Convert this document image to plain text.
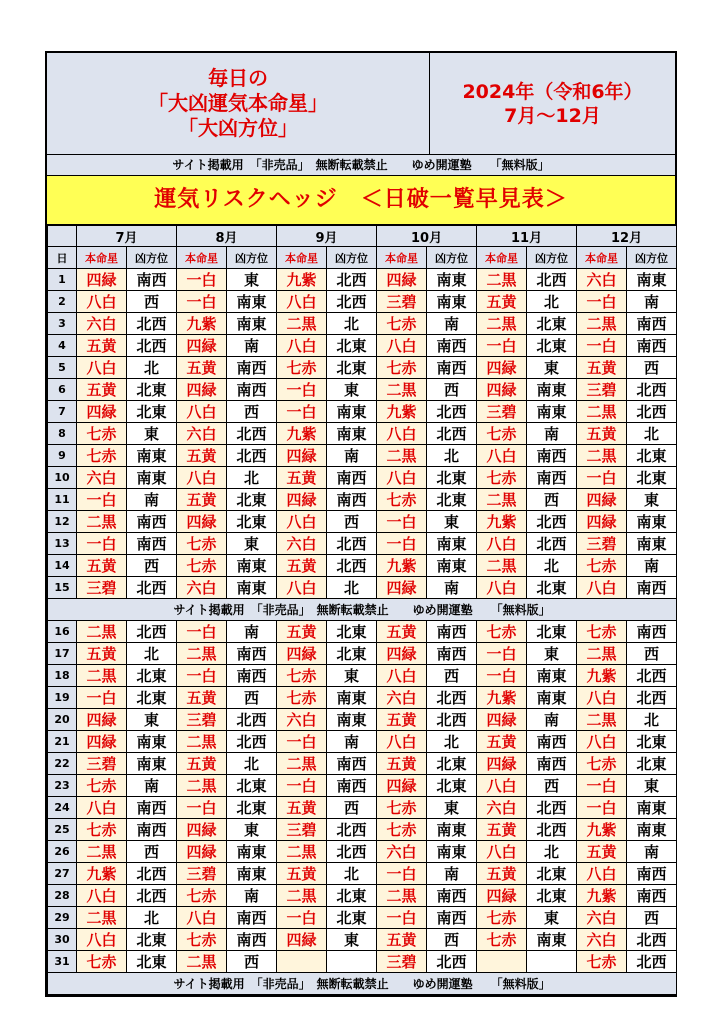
毎日の
「大凶運気本命星」
「大凶方位」
2024年（令和6年）
7月～12月
サイト掲載用　「非売品」　無断転載禁止　　ゆめ開運塾　　「無料版」
運気リスクヘッジ　＜日破一覧早見表＞
	7月		8月		9月		10月		11月		12月	
日	本命星	凶方位	本命星	凶方位	本命星	凶方位	本命星	凶方位	本命星	凶方位	本命星	凶方位
1	四緑	南西	一白	東	九紫	北西	四緑	南東	二黒	北西	六白	南東
2	八白	西	一白	南東	八白	北西	三碧	南東	五黄	北	一白	南
3	六白	北西	九紫	南東	二黒	北	七赤	南	二黒	北東	二黒	南西
4	五黄	北西	四緑	南	八白	北東	八白	南西	一白	北東	一白	南西
5	八白	北	五黄	南西	七赤	北東	七赤	南西	四緑	東	五黄	西
6	五黄	北東	四緑	南西	一白	東	二黒	西	四緑	南東	三碧	北西
7	四緑	北東	八白	西	一白	南東	九紫	北西	三碧	南東	二黒	北西
8	七赤	東	六白	北西	九紫	南東	八白	北西	七赤	南	五黄	北
9	七赤	南東	五黄	北西	四緑	南	二黒	北	八白	南西	二黒	北東
10	六白	南東	八白	北	五黄	南西	八白	北東	七赤	南西	一白	北東
11	一白	南	五黄	北東	四緑	南西	七赤	北東	二黒	西	四緑	東
12	二黒	南西	四緑	北東	八白	西	一白	東	九紫	北西	四緑	南東
13	一白	南西	七赤	東	六白	北西	一白	南東	八白	北西	三碧	南東
14	五黄	西	七赤	南東	五黄	北西	九紫	南東	二黒	北	七赤	南
15	三碧	北西	六白	南東	八白	北	四緑	南	八白	北東	八白	南西
サイト掲載用　「非売品」　無断転載禁止　　ゆめ開運塾　　「無料版」												
16	二黒	北西	一白	南	五黄	北東	五黄	南西	七赤	北東	七赤	南西
17	五黄	北	二黒	南西	四緑	北東	四緑	南西	一白	東	二黒	西
18	二黒	北東	一白	南西	七赤	東	八白	西	一白	南東	九紫	北西
19	一白	北東	五黄	西	七赤	南東	六白	北西	九紫	南東	八白	北西
20	四緑	東	三碧	北西	六白	南東	五黄	北西	四緑	南	二黒	北
21	四緑	南東	二黒	北西	一白	南	八白	北	五黄	南西	八白	北東
22	三碧	南東	五黄	北	二黒	南西	五黄	北東	四緑	南西	七赤	北東
23	七赤	南	二黒	北東	一白	南西	四緑	北東	八白	西	一白	東
24	八白	南西	一白	北東	五黄	西	七赤	東	六白	北西	一白	南東
25	七赤	南西	四緑	東	三碧	北西	七赤	南東	五黄	北西	九紫	南東
26	二黒	西	四緑	南東	二黒	北西	六白	南東	八白	北	五黄	南
27	九紫	北西	三碧	南東	五黄	北	一白	南	五黄	北東	八白	南西
28	八白	北西	七赤	南	二黒	北東	二黒	南西	四緑	北東	九紫	南西
29	二黒	北	八白	南西	一白	北東	一白	南西	七赤	東	六白	西
30	八白	北東	七赤	南西	四緑	東	五黄	西	七赤	南東	六白	北西
31	七赤	北東	二黒	西			三碧	北西			七赤	北西
サイト掲載用　「非売品」　無断転載禁止　　ゆめ開運塾　　「無料版」												
